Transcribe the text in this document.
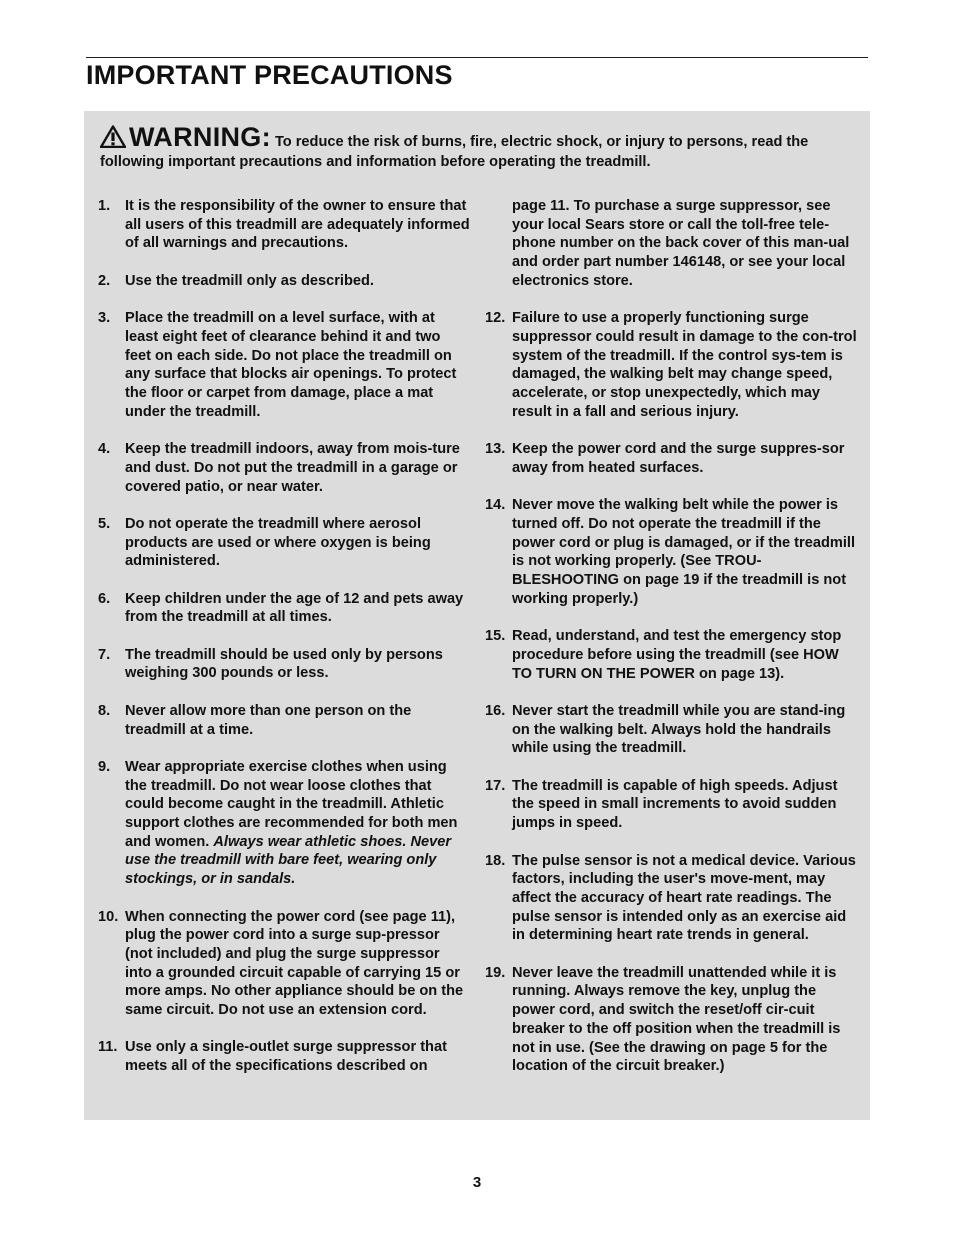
IMPORTANT PRECAUTIONS
WARNING: To reduce the risk of burns, fire, electric shock, or injury to persons, read the following important precautions and information before operating the treadmill.
1.	It is the responsibility of the owner to ensure that all users of this treadmill are adequately informed of all warnings and precautions.
2.	Use the treadmill only as described.
3.	Place the treadmill on a level surface, with at least eight feet of clearance behind it and two feet on each side. Do not place the treadmill on any surface that blocks air openings. To protect the floor or carpet from damage, place a mat under the treadmill.
4.	Keep the treadmill indoors, away from mois-ture and dust. Do not put the treadmill in a garage or covered patio, or near water.
5.	Do not operate the treadmill where aerosol products are used or where oxygen is being administered.
6.	Keep children under the age of 12 and pets away from the treadmill at all times.
7.	The treadmill should be used only by persons weighing 300 pounds or less.
8.	Never allow more than one person on the treadmill at a time.
9.	Wear appropriate exercise clothes when using the treadmill. Do not wear loose clothes that could become caught in the treadmill. Athletic support clothes are recommended for both men and women. Always wear athletic shoes. Never use the treadmill with bare feet, wearing only stockings, or in sandals.
10. When connecting the power cord (see page 11), plug the power cord into a surge sup-pressor (not included) and plug the surge suppressor into a grounded circuit capable of carrying 15 or more amps. No other appliance should be on the same circuit. Do not use an extension cord.
11. Use only a single-outlet surge suppressor that meets all of the specifications described on
page 11. To purchase a surge suppressor, see your local Sears store or call the toll-free tele-phone number on the back cover of this man-ual and order part number 146148, or see your local electronics store.
12. Failure to use a properly functioning surge suppressor could result in damage to the con-trol system of the treadmill. If the control sys-tem is damaged, the walking belt may change speed, accelerate, or stop unexpectedly, which may result in a fall and serious injury.
13. Keep the power cord and the surge suppres-sor away from heated surfaces.
14. Never move the walking belt while the power is turned off. Do not operate the treadmill if the power cord or plug is damaged, or if the treadmill is not working properly. (See TROU-BLESHOOTING on page 19 if the treadmill is not working properly.)
15. Read, understand, and test the emergency stop procedure before using the treadmill (see HOW TO TURN ON THE POWER on page 13).
16. Never start the treadmill while you are stand-ing on the walking belt. Always hold the handrails while using the treadmill.
17. The treadmill is capable of high speeds. Adjust the speed in small increments to avoid sudden jumps in speed.
18. The pulse sensor is not a medical device. Various factors, including the user's move-ment, may affect the accuracy of heart rate readings. The pulse sensor is intended only as an exercise aid in determining heart rate trends in general.
19. Never leave the treadmill unattended while it is running. Always remove the key, unplug the power cord, and switch the reset/off cir-cuit breaker to the off position when the treadmill is not in use. (See the drawing on page 5 for the location of the circuit breaker.)
3
